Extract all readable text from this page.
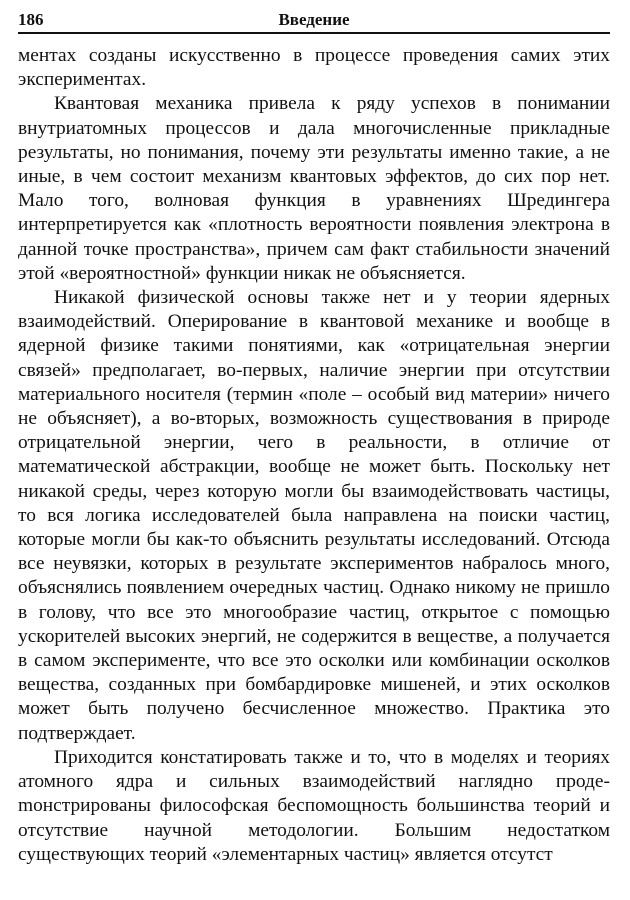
186	Введение

ментах созданы искусственно в процессе проведения самих этих экспериментах.

Квантовая механика привела к ряду успехов в понимании внутриатомных процессов и дала многочисленные прикладные результаты, но понимания, почему эти результаты именно такие, а не иные, в чем состоит механизм квантовых эффектов, до сих пор нет. Мало того, волновая функция в уравнениях Шредингера интерпретируется как «плотность вероятности появления электрона в данной точке пространства», причем сам факт стабильности значений этой «вероятностной» функции никак не объясняется.

Никакой физической основы также нет и у теории ядерных взаимодействий. Оперирование в квантовой механике и вообще в ядерной физике такими понятиями, как «отрицательная энергии связей» предполагает, во-первых, наличие энергии при отсутствии материального носителя (термин «поле – особый вид материи» ничего не объясняет), а во-вторых, возможность существования в природе отрицательной энергии, чего в реальности, в отличие от математической абстракции, вообще не может быть. Поскольку нет никакой среды, через которую могли бы взаимодействовать частицы, то вся логика исследователей была направлена на поиски частиц, которые могли бы как-то объяснить результаты исследований. Отсюда все неувязки, которых в результате экспериментов набралось много, объяснялись появлением очередных частиц. Однако никому не пришло в голову, что все это многообразие частиц, открытое с помощью ускорителей высоких энергий, не содержится в веществе, а получается в самом эксперименте, что все это осколки или комбинации осколков вещества, созданных при бомбардировке мишеней, и этих осколков может быть получено бесчисленное множество. Практика это подтверждает.

Приходится констатировать также и то, что в моделях и теориях атомного ядра и сильных взаимодействий наглядно продеmонстрированы философская беспомощность большинства теорий и отсутствие научной методологии. Большим недостатком существующих теорий «элементарных частиц» является отсутст
